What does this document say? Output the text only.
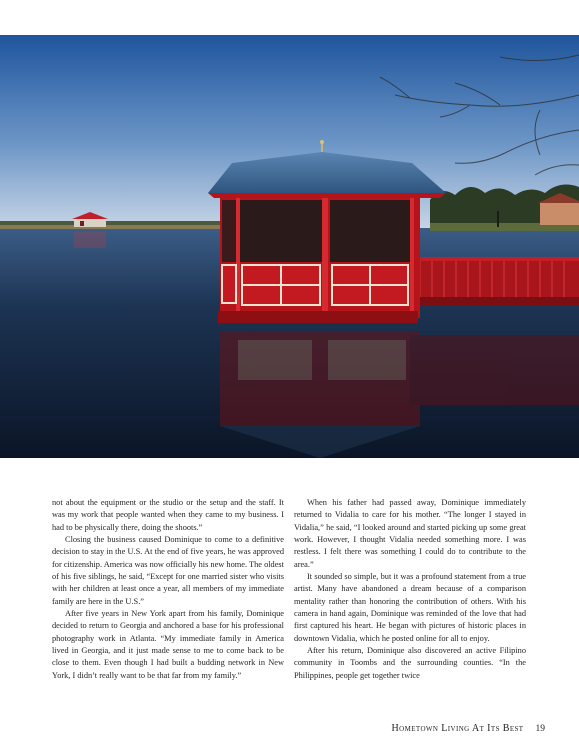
Views of South Georgia

not about the equipment or the studio or the setup and the staff. It was my work that people wanted when they came to my business. I had to be physically there, doing the shoots.”

Closing the business caused Dominique to come to a definitive decision to stay in the U.S. At the end of five years, he was approved for citizenship. America was now officially his new home. The oldest of his five siblings, he said, “Except for one married sister who visits with her children at least once a year, all members of my immediate family are here in the U.S.”

After five years in New York apart from his family, Dominique decided to return to Georgia and anchored a base for his professional photography work in Atlanta. “My immediate family in America lived in Georgia, and it just made sense to me to come back to be close to them. Even though I had built a budding network in New York, I didn’t really want to be that far from my family.”

When his father had passed away, Dominique immediately returned to Vidalia to care for his mother. “The longer I stayed in Vidalia,” he said, “I looked around and started picking up some great work. However, I thought Vidalia needed something more. I was restless. I felt there was something I could do to contribute to the area.”

It sounded so simple, but it was a profound statement from a true artist. Many have abandoned a dream because of a comparison mentality rather than honoring the contribution of others. With his camera in hand again, Dominique was reminded of the love that had first captured his heart. He began with pictures of historic places in downtown Vidalia, which he posted online for all to enjoy.

After his return, Dominique also discovered an active Filipino community in Toombs and the surrounding counties. “In the Philippines, people get together twice

Hometown Living At Its Best 19
